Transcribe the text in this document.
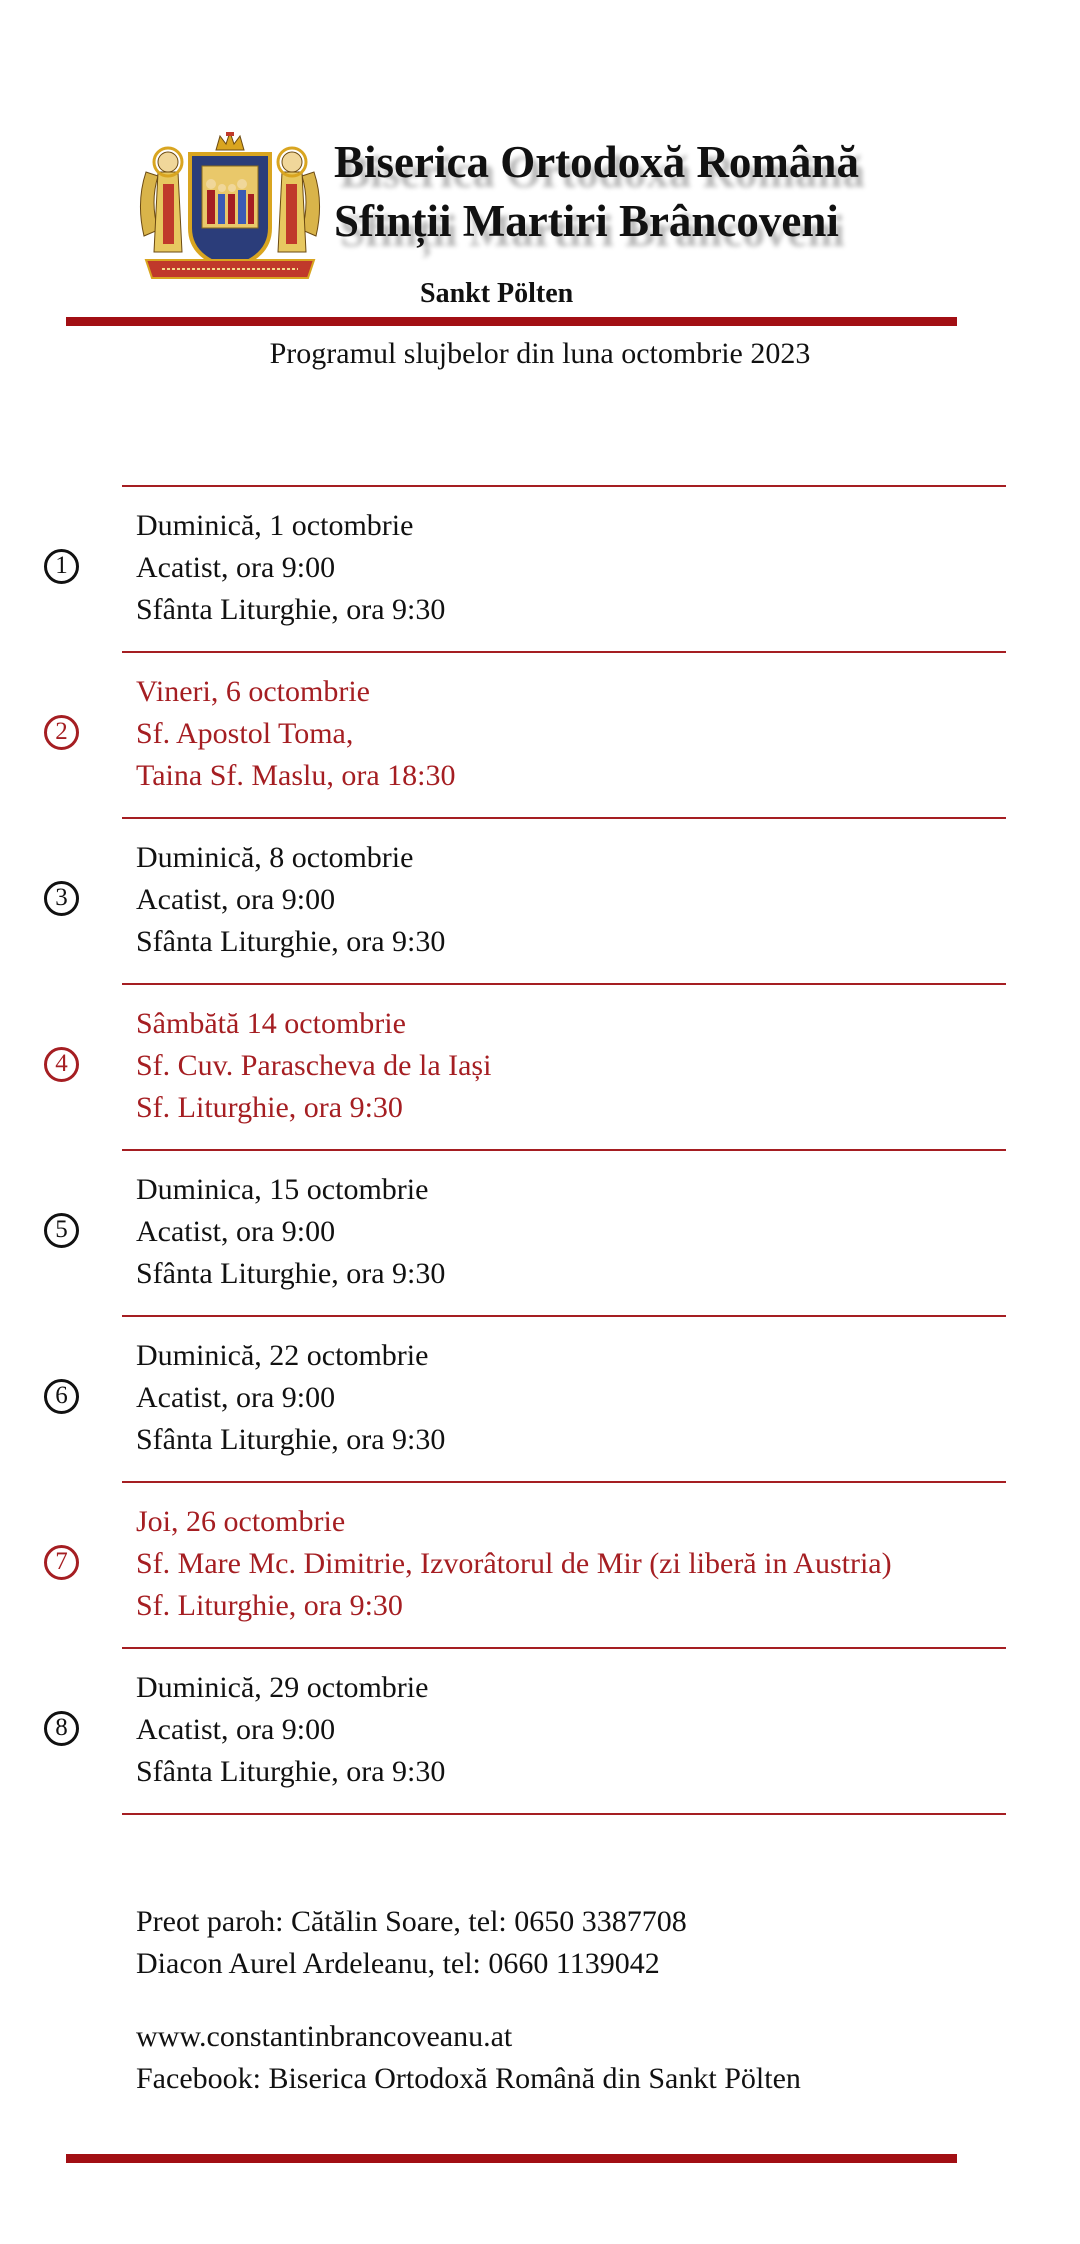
Biserica Ortodoxă Română
Sfinții Martiri Brâncoveni
Sankt Pölten
Programul slujbelor din luna octombrie 2023
1
Duminică, 1 octombrie
Acatist, ora 9:00
Sfânta Liturghie, ora 9:30
2
Vineri, 6 octombrie
Sf. Apostol Toma,
Taina Sf. Maslu, ora 18:30
3
Duminică, 8 octombrie
Acatist, ora 9:00
Sfânta Liturghie, ora 9:30
4
Sâmbătă 14 octombrie
Sf. Cuv. Parascheva de la Iași
Sf. Liturghie, ora 9:30
5
Duminica, 15 octombrie
Acatist, ora 9:00
Sfânta Liturghie, ora 9:30
6
Duminică, 22 octombrie
Acatist, ora 9:00
Sfânta Liturghie, ora 9:30
7
Joi, 26 octombrie
Sf. Mare Mc. Dimitrie, Izvorâtorul de Mir (zi liberă in Austria)
Sf. Liturghie, ora 9:30
8
Duminică, 29 octombrie
Acatist, ora 9:00
Sfânta Liturghie, ora 9:30
Preot paroh: Cătălin Soare, tel: 0650 3387708
Diacon Aurel Ardeleanu, tel: 0660 1139042
www.constantinbrancoveanu.at
Facebook: Biserica Ortodoxă Română din Sankt Pölten
